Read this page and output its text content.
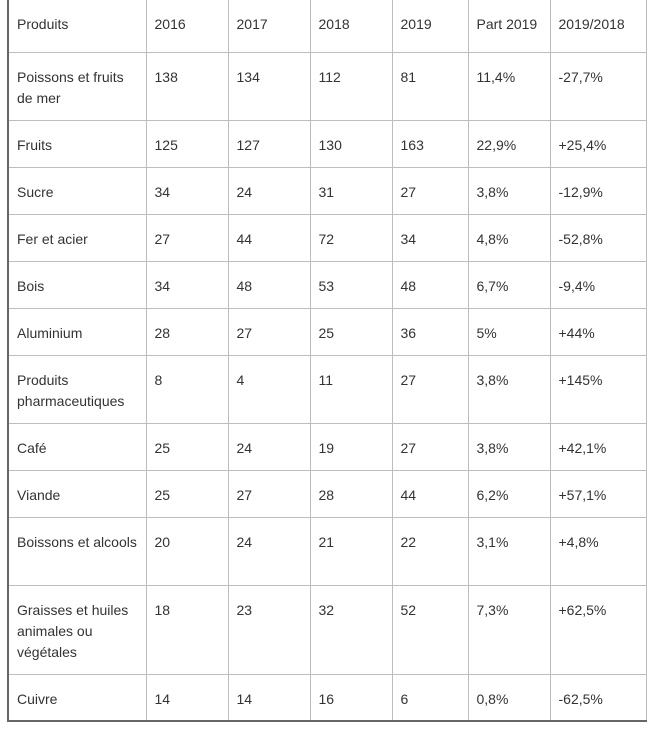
Produits	2016	2017	2018	2019	Part 2019	2019/2018
Poissons et fruits de mer	138	134	112	81	11,4%	-27,7%
Fruits	125	127	130	163	22,9%	+25,4%
Sucre	34	24	31	27	3,8%	-12,9%
Fer et acier	27	44	72	34	4,8%	-52,8%
Bois	34	48	53	48	6,7%	-9,4%
Aluminium	28	27	25	36	5%	+44%
Produits pharmaceutiques	8	4	11	27	3,8%	+145%
Café	25	24	19	27	3,8%	+42,1%
Viande	25	27	28	44	6,2%	+57,1%
Boissons et alcools	20	24	21	22	3,1%	+4,8%
Graisses et huiles animales ou végétales	18	23	32	52	7,3%	+62,5%
Cuivre	14	14	16	6	0,8%	-62,5%
